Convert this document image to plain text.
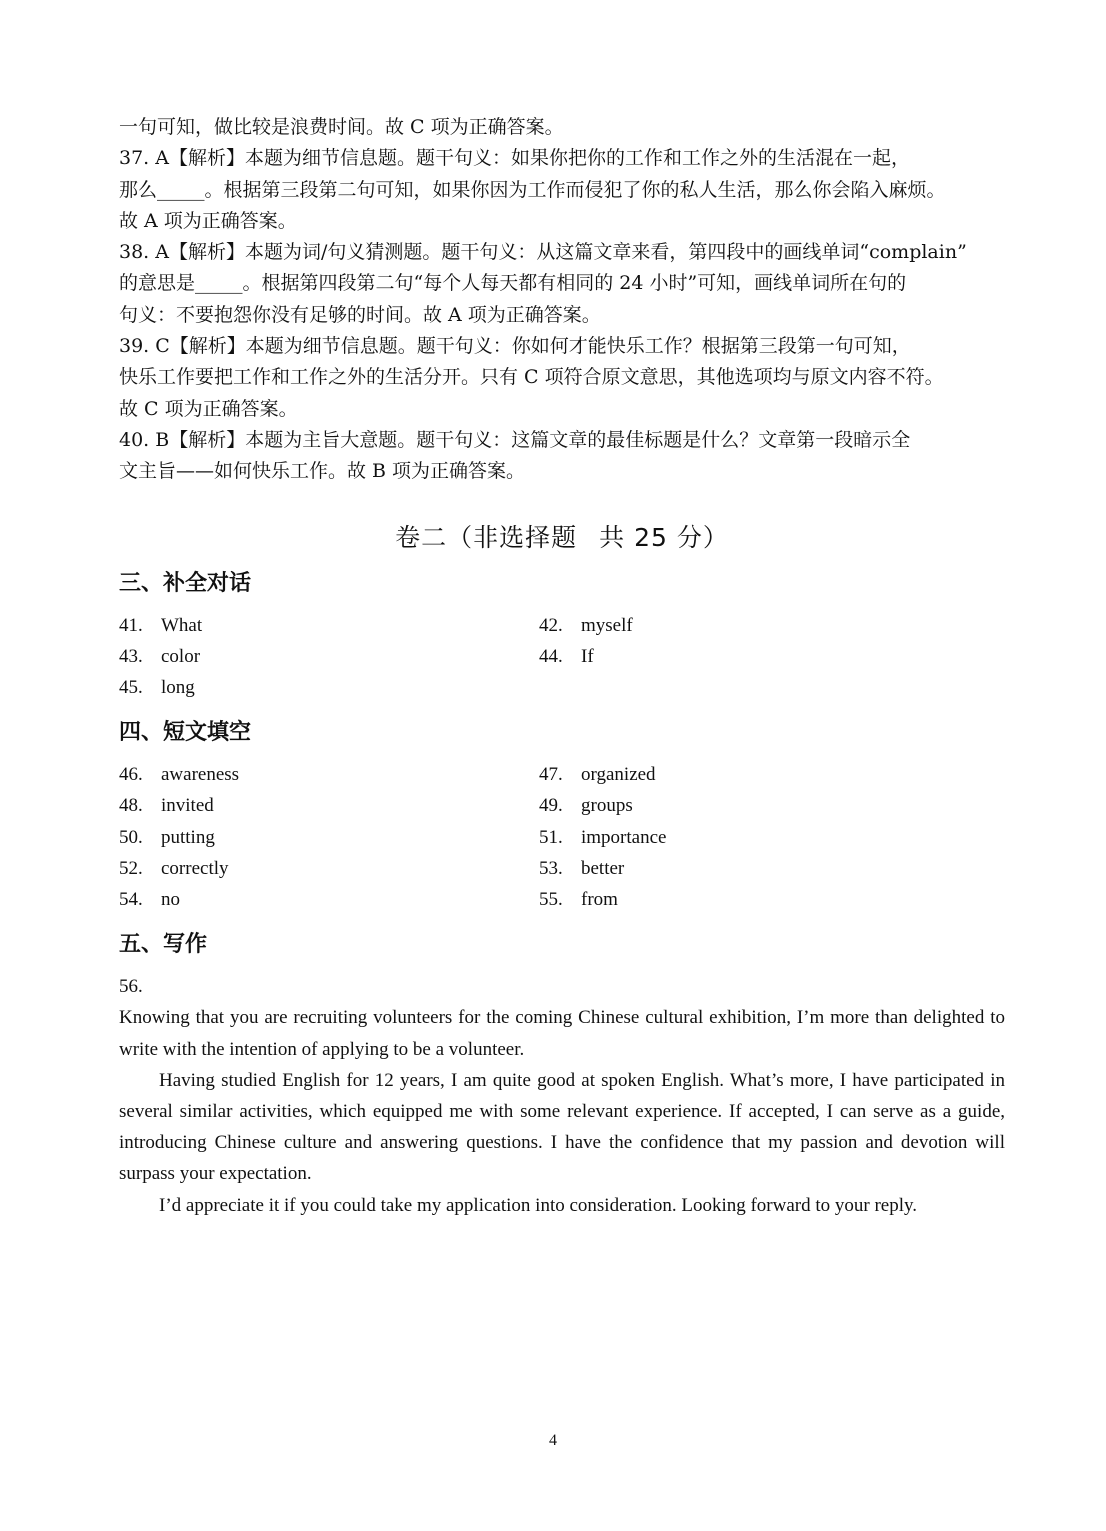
一句可知，做比较是浪费时间。故 C 项为正确答案。

37. A【解析】本题为细节信息题。题干句义：如果你把你的工作和工作之外的生活混在一起，

那么_____。根据第三段第二句可知，如果你因为工作而侵犯了你的私人生活，那么你会陷入麻烦。

故 A 项为正确答案。

38. A【解析】本题为词/句义猜测题。题干句义：从这篇文章来看，第四段中的画线单词“complain”

的意思是_____。根据第四段第二句“每个人每天都有相同的 24 小时”可知，画线单词所在句的

句义：不要抱怨你没有足够的时间。故 A 项为正确答案。

39. C【解析】本题为细节信息题。题干句义：你如何才能快乐工作？根据第三段第一句可知，

快乐工作要把工作和工作之外的生活分开。只有 C 项符合原文意思，其他选项均与原文内容不符。

故 C 项为正确答案。

40. B【解析】本题为主旨大意题。题干句义：这篇文章的最佳标题是什么？文章第一段暗示全

文主旨——如何快乐工作。故 B 项为正确答案。

卷二（非选择题 共 25 分）
三、补全对话
41. What	42. myself
43. color	44. If
45. long
四、短文填空
46. awareness	47. organized
48. invited	49. groups
50. putting	51. importance
52. correctly	53. better
54. no	55. from
五、写作
56.

Knowing that you are recruiting volunteers for the coming Chinese cultural exhibition, I’m more than delighted to write with the intention of applying to be a volunteer.

Having studied English for 12 years, I am quite good at spoken English. What’s more, I have participated in several similar activities, which equipped me with some relevant experience. If accepted, I can serve as a guide, introducing Chinese culture and answering questions. I have the confidence that my passion and devotion will surpass your expectation.

I’d appreciate it if you could take my application into consideration. Looking forward to your reply.

4
